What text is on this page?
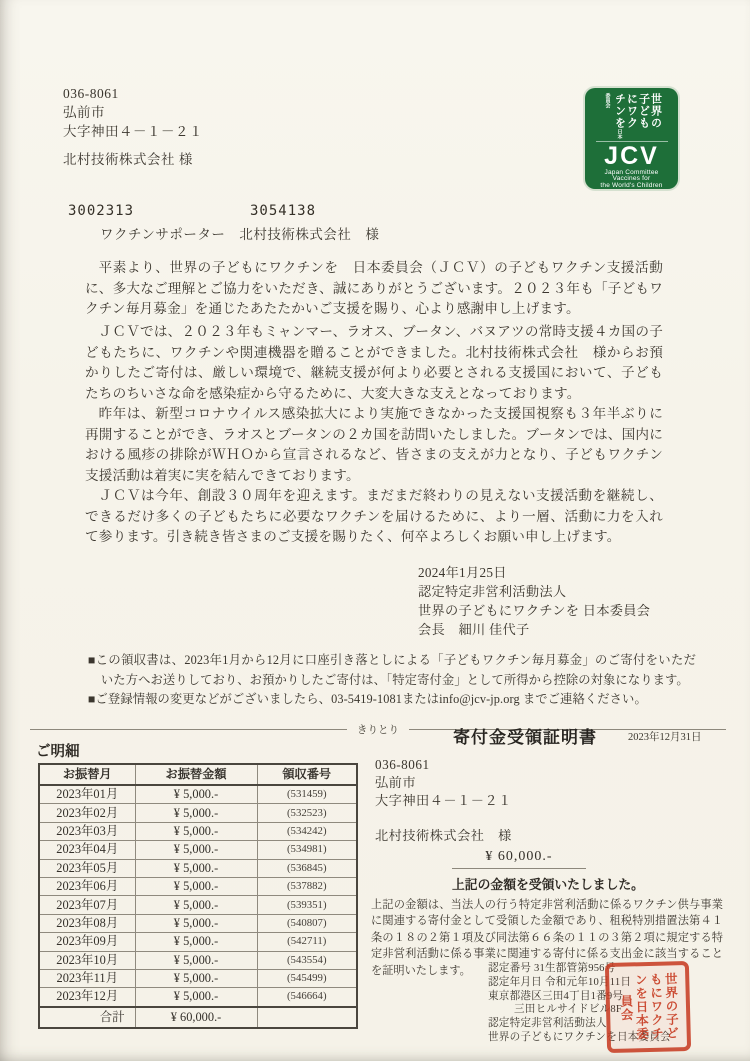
036-8061
弘前市
大字神田４－１－２１
北村技術株式会社 様
世界の子どもにワクチンを日本委員会
JCV
Japan Committee
Vaccines for
the World's Children
3002313	3054138
ワクチンサポーター　北村技術株式会社　様
平素より、世界の子どもにワクチンを　日本委員会（ＪＣＶ）の子どもワクチン支援活動に、多大なご理解とご協力をいただき、誠にありがとうございます。２０２３年も「子どもワクチン毎月募金」を通じたあたたかいご支援を賜り、心より感謝申し上げます。
ＪＣＶでは、２０２３年もミャンマー、ラオス、ブータン、バヌアツの常時支援４カ国の子どもたちに、ワクチンや関連機器を贈ることができました。北村技術株式会社　様からお預かりしたご寄付は、厳しい環境で、継続支援が何より必要とされる支援国において、子どもたちのちいさな命を感染症から守るために、大変大きな支えとなっております。
昨年は、新型コロナウイルス感染拡大により実施できなかった支援国視察も３年半ぶりに再開することができ、ラオスとブータンの２カ国を訪問いたしました。ブータンでは、国内における風疹の排除がＷＨＯから宣言されるなど、皆さまの支えが力となり、子どもワクチン支援活動は着実に実を結んできております。
ＪＣＶは今年、創設３０周年を迎えます。まだまだ終わりの見えない支援活動を継続し、できるだけ多くの子どもたちに必要なワクチンを届けるために、より一層、活動に力を入れて参ります。引き続き皆さまのご支援を賜りたく、何卒よろしくお願い申し上げます。
2024年1月25日
認定特定非営利活動法人
世界の子どもにワクチンを 日本委員会
会長　細川 佳代子
■この領収書は、2023年1月から12月に口座引き落としによる「子どもワクチン毎月募金」のご寄付をいただいた方へお送りしており、お預かりしたご寄付は、「特定寄付金」として所得から控除の対象になります。
■ご登録情報の変更などがございましたら、03-5419-1081またはinfo@jcv-jp.org までご連絡ください。
きりとり
ご明細
お振替月	お振替金額	領収番号
2023年01月	¥ 5,000.-	(531459)
2023年02月	¥ 5,000.-	(532523)
2023年03月	¥ 5,000.-	(534242)
2023年04月	¥ 5,000.-	(534981)
2023年05月	¥ 5,000.-	(536845)
2023年06月	¥ 5,000.-	(537882)
2023年07月	¥ 5,000.-	(539351)
2023年08月	¥ 5,000.-	(540807)
2023年09月	¥ 5,000.-	(542711)
2023年10月	¥ 5,000.-	(543554)
2023年11月	¥ 5,000.-	(545499)
2023年12月	¥ 5,000.-	(546664)
合計	¥ 60,000.-	
寄付金受領証明書	2023年12月31日
036-8061
弘前市
大字神田４－１－２１
北村技術株式会社　様
¥ 60,000.-
上記の金額を受領いたしました。
上記の金額は、当法人の行う特定非営利活動に係るワクチン供与事業に関連する寄付金として受領した金額であり、租税特別措置法第４１条の１８の２第１項及び同法第６６条の１１の３第２項に規定する特定非営利活動に係る事業に関連する寄付に係る支出金に該当することを証明いたします。	認定番号 31生都管第956号
認定年月日 令和元年10月11日
東京都港区三田4丁目1番9号
三田ヒルサイドビル8F
認定特定非営利活動法人
世界の子どもにワクチンを日本委員会
世界の子どもにワクチンを日本委員会
